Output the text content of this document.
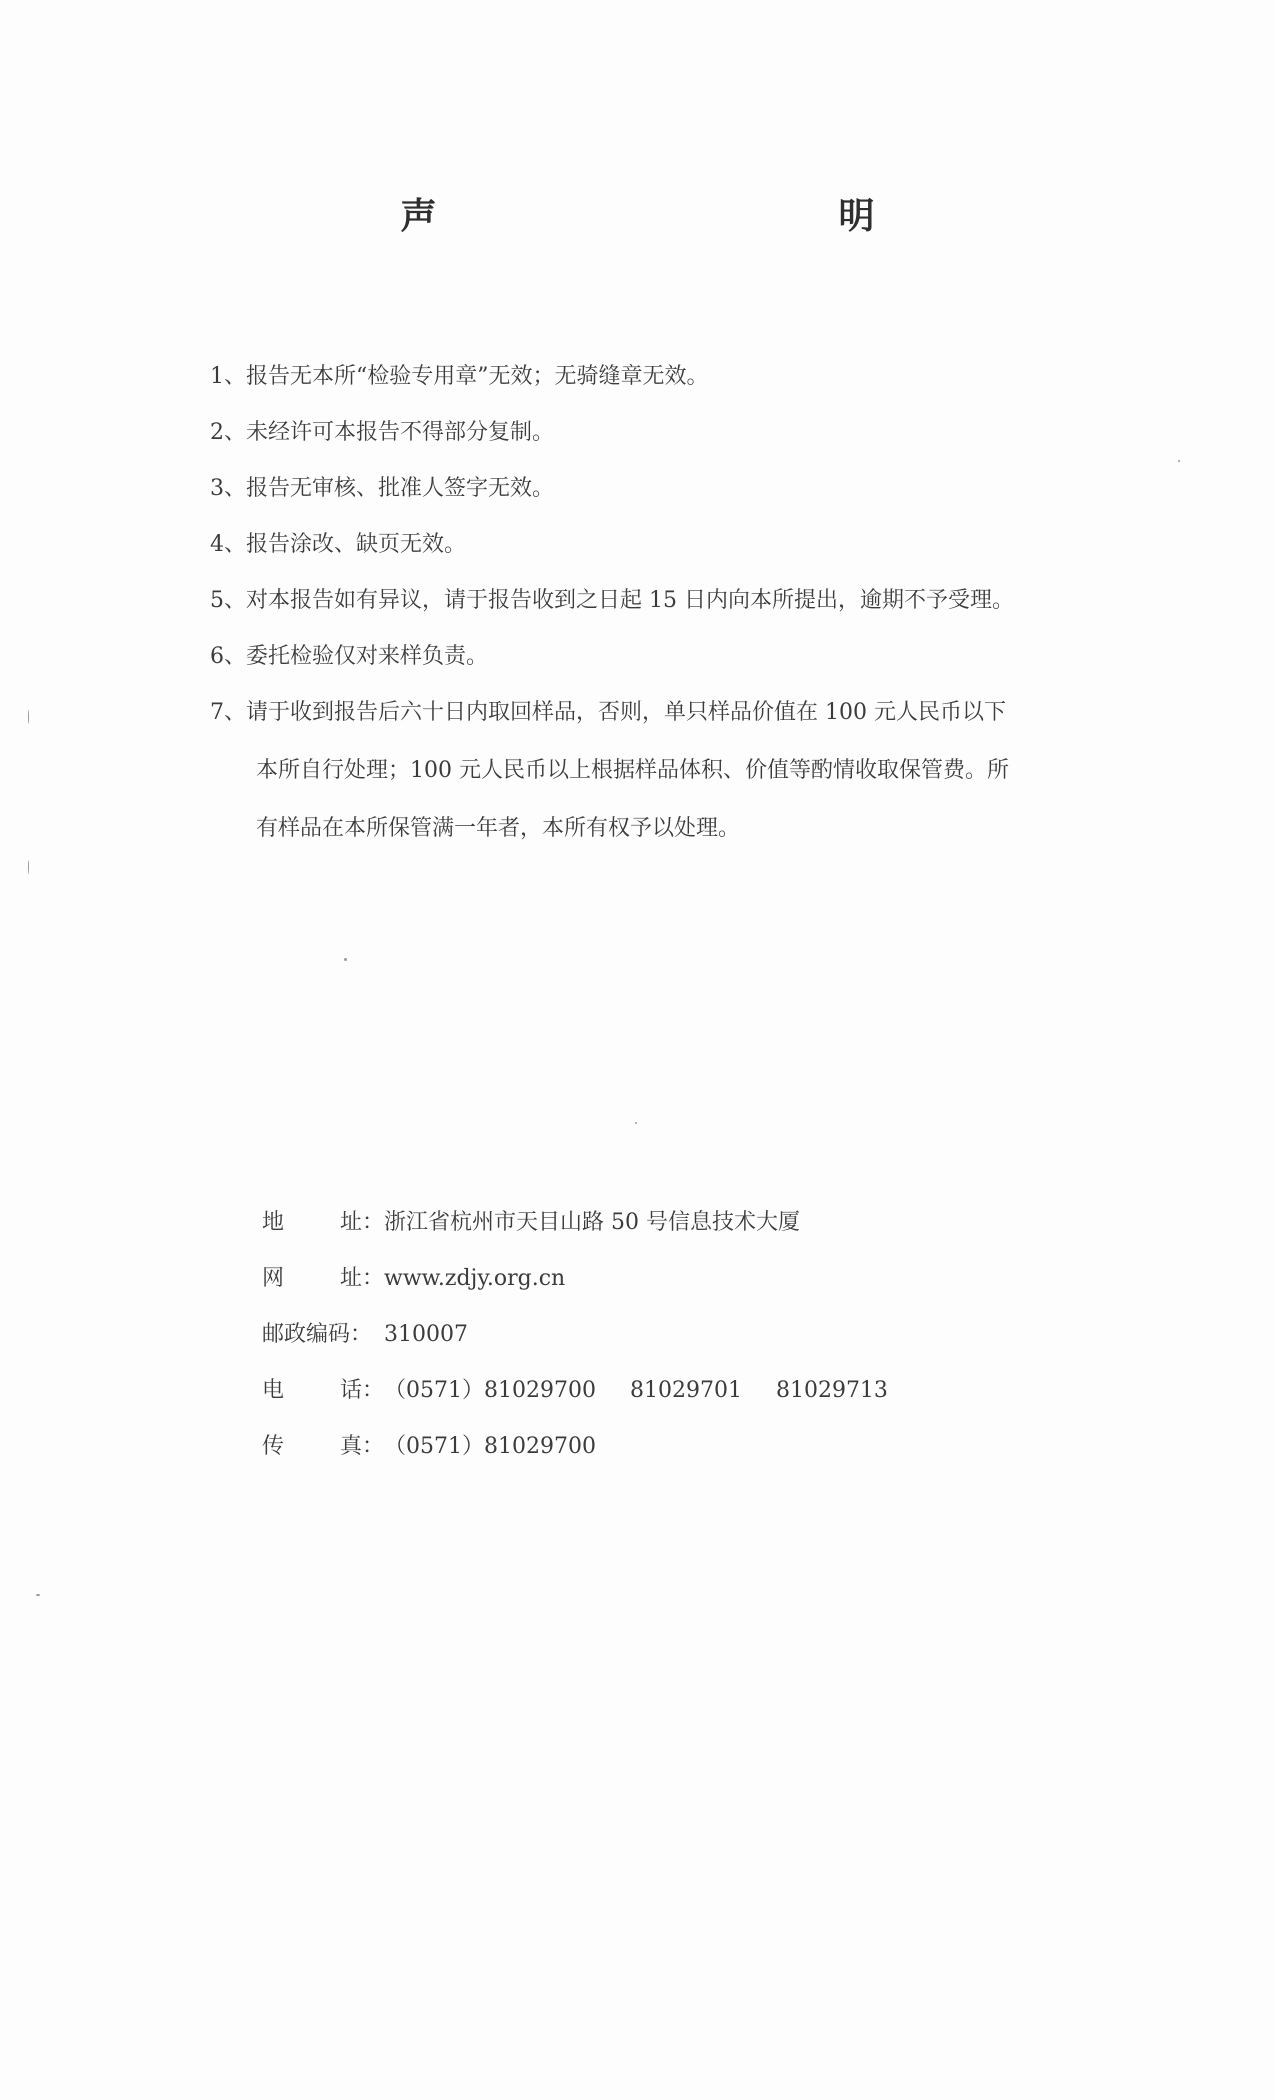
声　　明
1、 报告无本所“检验专用章”无效；无骑缝章无效。
2、 未经许可本报告不得部分复制。
3、 报告无审核、批准人签字无效。
4、 报告涂改、缺页无效。
5、 对本报告如有异议，请于报告收到之日起 15 日内向本所提出，逾期不予受理。
6、 委托检验仅对来样负责。
7、 请于收到报告后六十日内取回样品，否则，单只样品价值在 100 元人民币以下
本所自行处理；100 元人民币以上根据样品体积、价值等酌情收取保管费。所
有样品在本所保管满一年者，本所有权予以处理。
地	址： 浙江省杭州市天目山路 50 号信息技术大厦
网	址： www.zdjy.org.cn
邮政编码： 310007
电	话： （0571）81029700 81029701 81029713
传	真： （0571）81029700
